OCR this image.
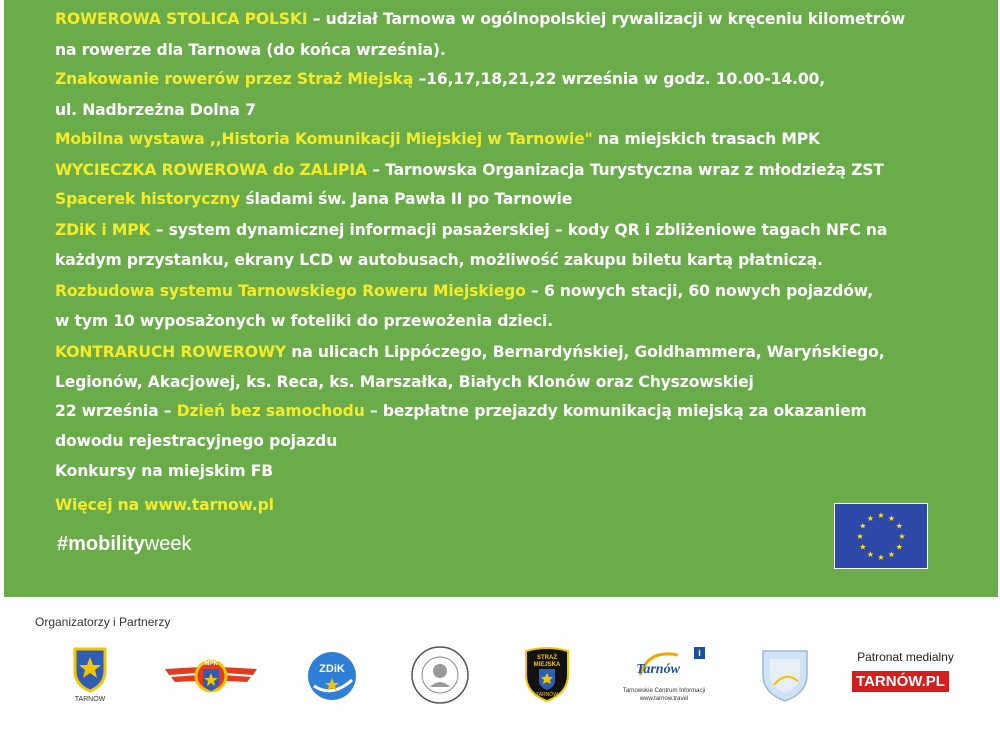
ROWEROWA STOLICA POLSKI – udział Tarnowa w ogólnopolskiej rywalizacji w kręceniu kilometrów
na rowerze dla Tarnowa (do końca września).
Znakowanie rowerów przez Straż Miejską –16,17,18,21,22 września w godz. 10.00-14.00,
ul. Nadbrzeżna Dolna 7
Mobilna wystawa ,,Historia Komunikacji Miejskiej w Tarnowie" na miejskich trasach MPK
WYCIECZKA ROWEROWA do ZALIPIA – Tarnowska Organizacja Turystyczna wraz z młodzieżą ZST
Spacerek historyczny śladami św. Jana Pawła II po Tarnowie
ZDiK i MPK – system dynamicznej informacji pasażerskiej – kody QR i zbliżeniowe tagach NFC na
każdym przystanku, ekrany LCD w autobusach, możliwość zakupu biletu kartą płatniczą.
Rozbudowa systemu Tarnowskiego Roweru Miejskiego – 6 nowych stacji, 60 nowych pojazdów,
w tym 10 wyposażonych w foteliki do przewożenia dzieci.
KONTRARUCH ROWEROWY na ulicach Lippóczego, Bernardyńskiej, Goldhammera, Waryńskiego,
Legionów, Akacjowej, ks. Reca, ks. Marszałka, Białych Klonów oraz Chyszowskiej
22 września – Dzień bez samochodu – bezpłatne przejazdy komunikacją miejską za okazaniem
dowodu rejestracyjnego pojazdu
Konkursy na miejskim FB
Więcej na www.tarnow.pl
#mobilityweek
★ ★
★
★
★
★
★
★
★
★
★
★
Organizatorzy i Partnerzy
TARNÓW
MPK	ZDiK
STRAŻ
MIEJSKA
TARNÓW
Tarnów
i
Tarnowskie Centrum Informacji
www.tarnow.travel
Patronat medialny
TARNÓW.PL
